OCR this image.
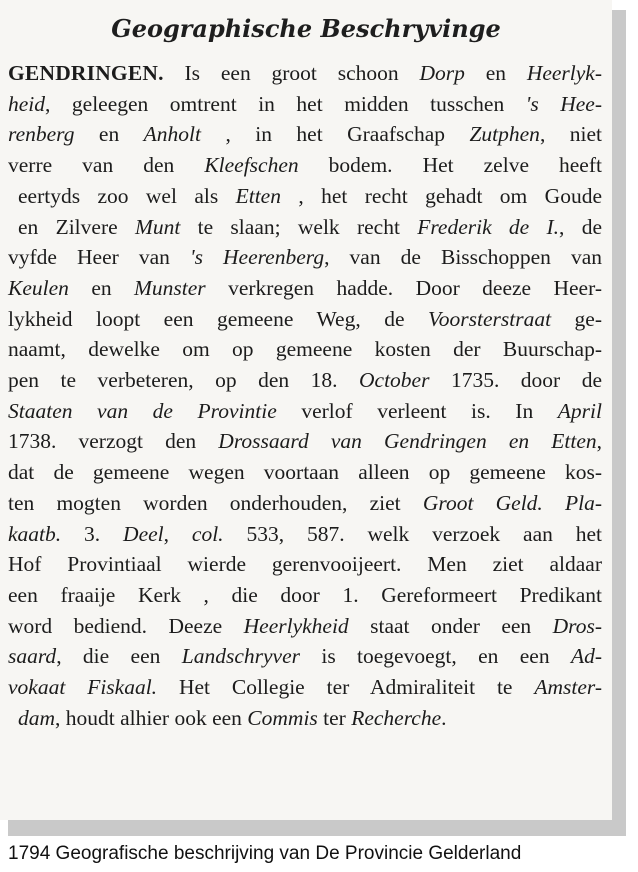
Geographische Beschryvinge
GENDRINGEN. Is een groot schoon Dorp en Heerlyk-
heid, geleegen omtrent in het midden tusschen 's Hee-
renberg en Anholt , in het Graafschap Zutphen, niet
verre van den Kleefschen bodem. Het zelve heeft
eertyds zoo wel als Etten , het recht gehadt om Goude
en Zilvere Munt te slaan; welk recht Frederik de I., de
vyfde Heer van 's Heerenberg, van de Bisschoppen van
Keulen en Munster verkregen hadde. Door deeze Heer-
lykheid loopt een gemeene Weg, de Voorsterstraat ge-
naamt, dewelke om op gemeene kosten der Buurschap-
pen te verbeteren, op den 18. October 1735. door de
Staaten van de Provintie verlof verleent is. In April
1738. verzogt den Drossaard van Gendringen en Etten,
dat de gemeene wegen voortaan alleen op gemeene kos-
ten mogten worden onderhouden, ziet Groot Geld. Pla-
kaatb. 3. Deel, col. 533, 587. welk verzoek aan het
Hof Provintiaal wierde gerenvooijeert. Men ziet aldaar
een fraaije Kerk , die door 1. Gereformeert Predikant
word bediend. Deeze Heerlykheid staat onder een Dros-
saard, die een Landschryver is toegevoegt, en een Ad-
vokaat Fiskaal. Het Collegie ter Admiraliteit te Amster-
dam, houdt alhier ook een Commis ter Recherche.
1794 Geografische beschrijving van De Provincie Gelderland
